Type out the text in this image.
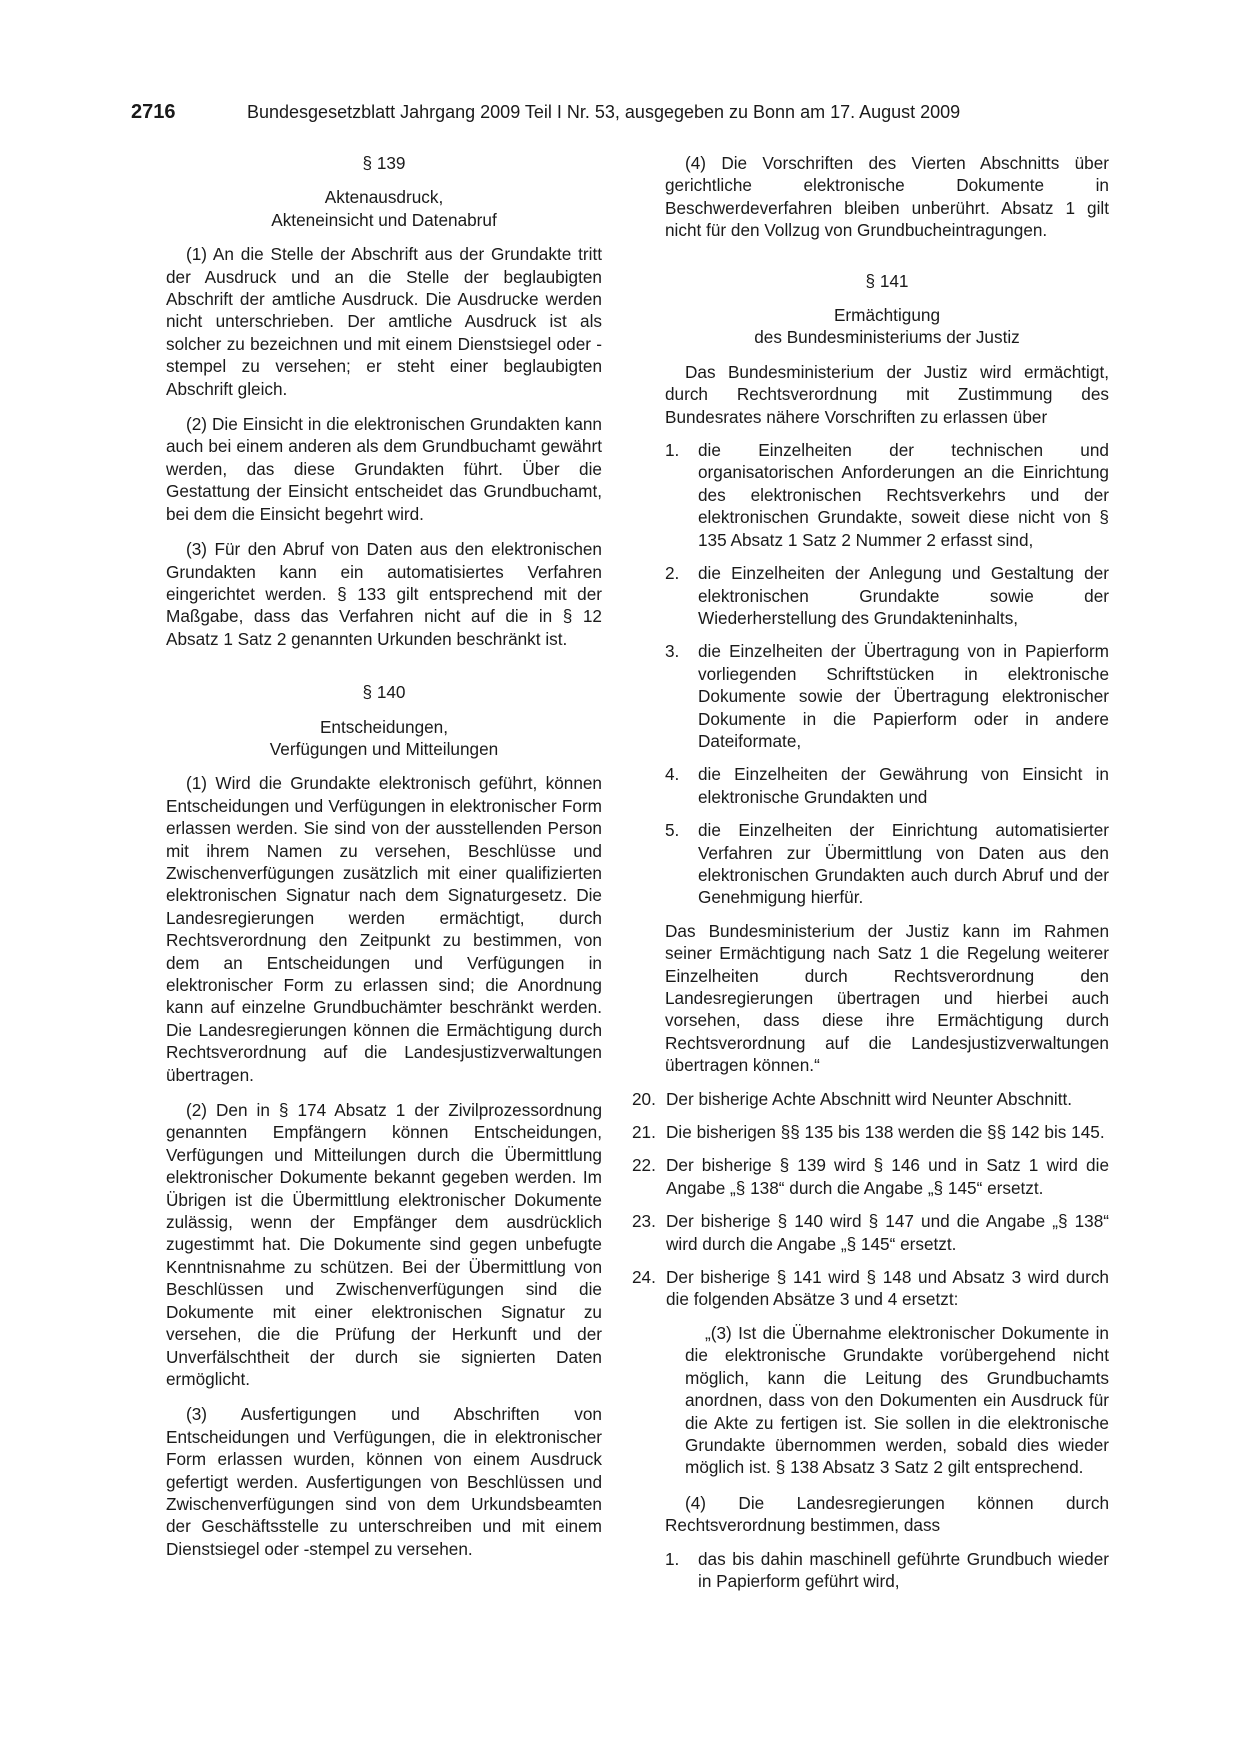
2716	Bundesgesetzblatt Jahrgang 2009 Teil I Nr. 53, ausgegeben zu Bonn am 17. August 2009
§ 139
Aktenausdruck,
Akteneinsicht und Datenabruf

(1) An die Stelle der Abschrift aus der Grundakte tritt der Ausdruck und an die Stelle der beglaubigten Abschrift der amtliche Ausdruck. Die Ausdrucke werden nicht unterschrieben. Der amtliche Ausdruck ist als solcher zu bezeichnen und mit einem Dienstsiegel oder -stempel zu versehen; er steht einer beglaubigten Abschrift gleich.

(2) Die Einsicht in die elektronischen Grundakten kann auch bei einem anderen als dem Grundbuchamt gewährt werden, das diese Grundakten führt. Über die Gestattung der Einsicht entscheidet das Grundbuchamt, bei dem die Einsicht begehrt wird.

(3) Für den Abruf von Daten aus den elektronischen Grundakten kann ein automatisiertes Verfahren eingerichtet werden. § 133 gilt entsprechend mit der Maßgabe, dass das Verfahren nicht auf die in § 12 Absatz 1 Satz 2 genannten Urkunden beschränkt ist.

§ 140
Entscheidungen,
Verfügungen und Mitteilungen

(1) Wird die Grundakte elektronisch geführt, können Entscheidungen und Verfügungen in elektronischer Form erlassen werden. Sie sind von der ausstellenden Person mit ihrem Namen zu versehen, Beschlüsse und Zwischenverfügungen zusätzlich mit einer qualifizierten elektronischen Signatur nach dem Signaturgesetz. Die Landesregierungen werden ermächtigt, durch Rechtsverordnung den Zeitpunkt zu bestimmen, von dem an Entscheidungen und Verfügungen in elektronischer Form zu erlassen sind; die Anordnung kann auf einzelne Grundbuchämter beschränkt werden. Die Landesregierungen können die Ermächtigung durch Rechtsverordnung auf die Landesjustizverwaltungen übertragen.

(2) Den in § 174 Absatz 1 der Zivilprozessordnung genannten Empfängern können Entscheidungen, Verfügungen und Mitteilungen durch die Übermittlung elektronischer Dokumente bekannt gegeben werden. Im Übrigen ist die Übermittlung elektronischer Dokumente zulässig, wenn der Empfänger dem ausdrücklich zugestimmt hat. Die Dokumente sind gegen unbefugte Kenntnisnahme zu schützen. Bei der Übermittlung von Beschlüssen und Zwischenverfügungen sind die Dokumente mit einer elektronischen Signatur zu versehen, die die Prüfung der Herkunft und der Unverfälschtheit der durch sie signierten Daten ermöglicht.

(3) Ausfertigungen und Abschriften von Entscheidungen und Verfügungen, die in elektronischer Form erlassen wurden, können von einem Ausdruck gefertigt werden. Ausfertigungen von Beschlüssen und Zwischenverfügungen sind von dem Urkundsbeamten der Geschäftsstelle zu unterschreiben und mit einem Dienstsiegel oder -stempel zu versehen.

(4) Die Vorschriften des Vierten Abschnitts über gerichtliche elektronische Dokumente in Beschwerdeverfahren bleiben unberührt. Absatz 1 gilt nicht für den Vollzug von Grundbucheintragungen.

§ 141
Ermächtigung
des Bundesministeriums der Justiz

Das Bundesministerium der Justiz wird ermächtigt, durch Rechtsverordnung mit Zustimmung des Bundesrates nähere Vorschriften zu erlassen über

1.	die Einzelheiten der technischen und organisatorischen Anforderungen an die Einrichtung des elektronischen Rechtsverkehrs und der elektronischen Grundakte, soweit diese nicht von § 135 Absatz 1 Satz 2 Nummer 2 erfasst sind,
2.	die Einzelheiten der Anlegung und Gestaltung der elektronischen Grundakte sowie der Wiederherstellung des Grundakteninhalts,
3.	die Einzelheiten der Übertragung von in Papierform vorliegenden Schriftstücken in elektronische Dokumente sowie der Übertragung elektronischer Dokumente in die Papierform oder in andere Dateiformate,
4.	die Einzelheiten der Gewährung von Einsicht in elektronische Grundakten und
5.	die Einzelheiten der Einrichtung automatisierter Verfahren zur Übermittlung von Daten aus den elektronischen Grundakten auch durch Abruf und der Genehmigung hierfür.

Das Bundesministerium der Justiz kann im Rahmen seiner Ermächtigung nach Satz 1 die Regelung weiterer Einzelheiten durch Rechtsverordnung den Landesregierungen übertragen und hierbei auch vorsehen, dass diese ihre Ermächtigung durch Rechtsverordnung auf die Landesjustizverwaltungen übertragen können.“

20. Der bisherige Achte Abschnitt wird Neunter Abschnitt.
21. Die bisherigen §§ 135 bis 138 werden die §§ 142 bis 145.
22. Der bisherige § 139 wird § 146 und in Satz 1 wird die Angabe „§ 138“ durch die Angabe „§ 145“ ersetzt.
23. Der bisherige § 140 wird § 147 und die Angabe „§ 138“ wird durch die Angabe „§ 145“ ersetzt.
24. Der bisherige § 141 wird § 148 und Absatz 3 wird durch die folgenden Absätze 3 und 4 ersetzt:

„(3) Ist die Übernahme elektronischer Dokumente in die elektronische Grundakte vorübergehend nicht möglich, kann die Leitung des Grundbuchamts anordnen, dass von den Dokumenten ein Ausdruck für die Akte zu fertigen ist. Sie sollen in die elektronische Grundakte übernommen werden, sobald dies wieder möglich ist. § 138 Absatz 3 Satz 2 gilt entsprechend.

(4) Die Landesregierungen können durch Rechtsverordnung bestimmen, dass

1.	das bis dahin maschinell geführte Grundbuch wieder in Papierform geführt wird,
